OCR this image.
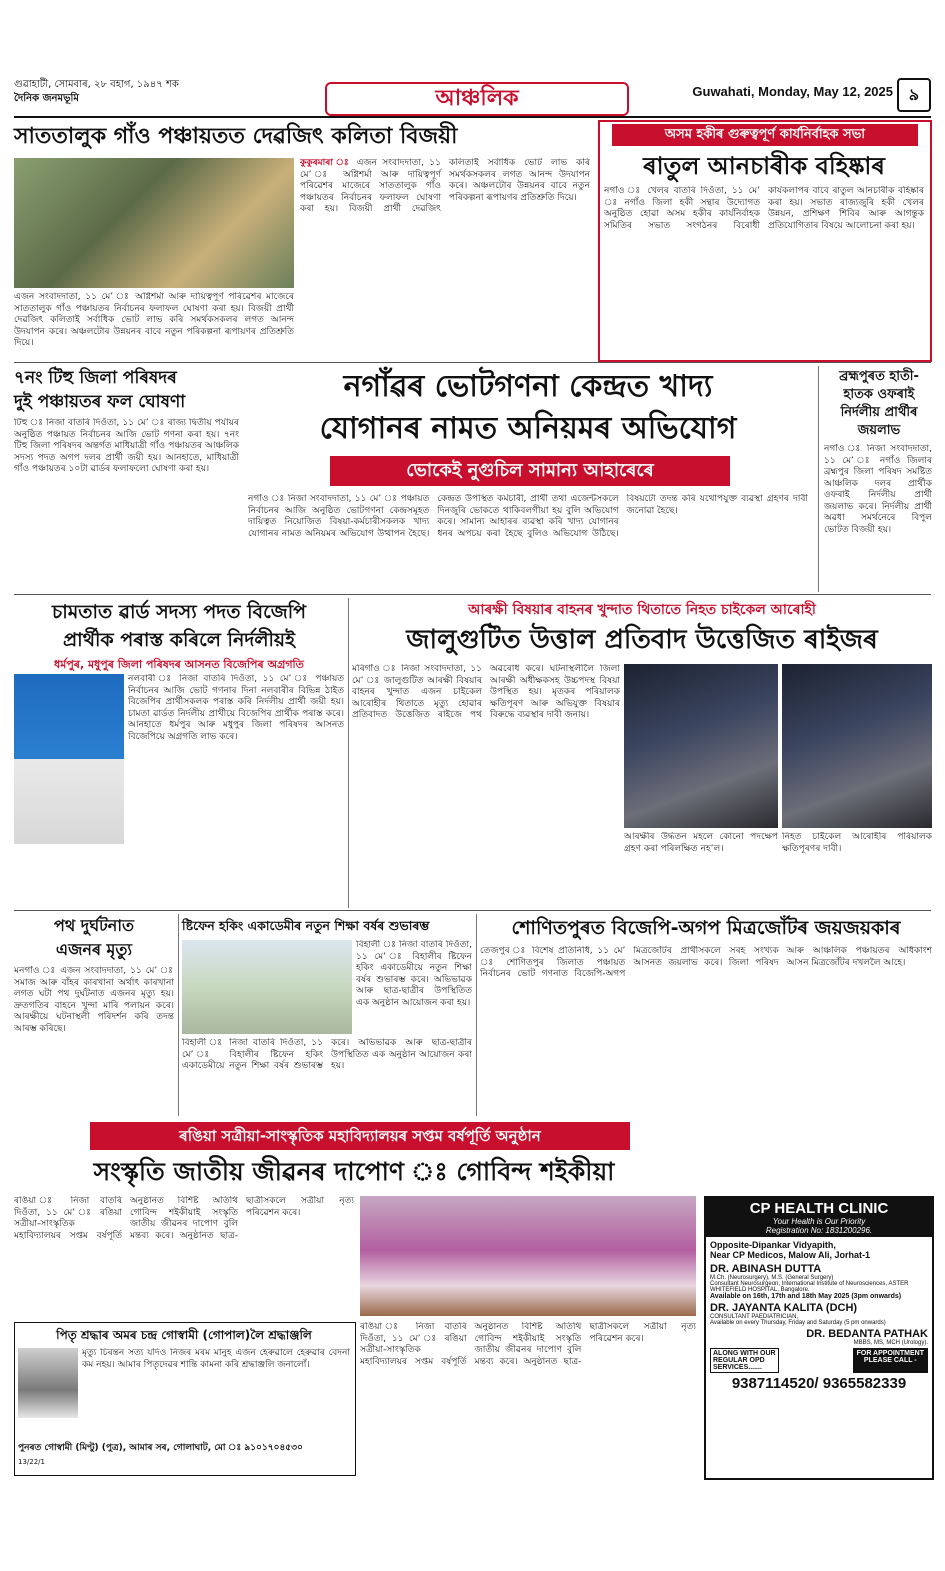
গুৱাহাটী, সোমবাৰ, ২৮ বহাগ, ১৯৪৭ শক
দৈনিক জনমভূমি	আঞ্চলিক	Guwahati, Monday, May 12, 2025 ৯
সাততালুক গাঁও পঞ্চায়তত দেৱজিৎ কলিতা বিজয়ী
কুকুৰমাৰা ঃ এজন সংবাদদাতা, ১১ মে’ ঃ অগ্নিশৰ্মা আৰু দায়িত্বপূৰ্ণ পৰিৱেশৰ মাজেৰে সাততালুক গাঁও পঞ্চায়তৰ নিৰ্বাচনৰ ফলাফল ঘোষণা কৰা হয়। বিজয়ী প্ৰাৰ্থী দেৱজিৎ কলিতাই সৰ্বাধিক ভোট লাভ কৰি সমৰ্থকসকলৰ লগত আনন্দ উদযাপন কৰে। অঞ্চলটোৰ উন্নয়নৰ বাবে নতুন পৰিকল্পনা ৰূপায়ণৰ প্ৰতিশ্ৰুতি দিয়ে।
এজন সংবাদদাতা, ১১ মে’ ঃ অগ্নিশৰ্মা আৰু দায়িত্বপূৰ্ণ পৰিৱেশৰ মাজেৰে সাততালুক গাঁও পঞ্চায়তৰ নিৰ্বাচনৰ ফলাফল ঘোষণা কৰা হয়। বিজয়ী প্ৰাৰ্থী দেৱজিৎ কলিতাই সৰ্বাধিক ভোট লাভ কৰি সমৰ্থকসকলৰ লগত আনন্দ উদযাপন কৰে। অঞ্চলটোৰ উন্নয়নৰ বাবে নতুন পৰিকল্পনা ৰূপায়ণৰ প্ৰতিশ্ৰুতি দিয়ে।
অসম হকীৰ গুৰুত্বপূৰ্ণ কাৰ্যনিৰ্বাহক সভা
ৰাতুল আনচাৰীক বহিষ্কাৰ
নগাঁও ঃ খেলৰ বাতৰি দিওঁতা, ১১ মে’ ঃ নগাঁও জিলা হকী সন্থাৰ উদ্যোগত অনুষ্ঠিত হোৱা অসম হকীৰ কাৰ্যনিৰ্বাহক সমিতিৰ সভাত সংগঠনৰ বিৰোধী কাৰ্যকলাপৰ বাবে ৰাতুল আনচাৰীক বহিষ্কাৰ কৰা হয়। সভাত ৰাজ্যজুৰি হকী খেলৰ উন্নয়ন, প্ৰশিক্ষণ শিবিৰ আৰু আগন্তুক প্ৰতিযোগিতাৰ বিষয়ে আলোচনা কৰা হয়।
৭নং টিহু জিলা পৰিষদৰ
দুই পঞ্চায়তৰ ফল ঘোষণা
টিহু ঃ নিজা বাতৰি দিওঁতা, ১১ মে’ ঃ ৰাজ্য দ্বিতীয় পৰ্যায়ৰ অনুষ্ঠিত পঞ্চায়ত নিৰ্বাচনৰ আজি ভোট গণনা কৰা হয়। ৭নং টিহু জিলা পৰিষদৰ অন্তৰ্গত মাধিয়াত্ৰী গাঁও পঞ্চায়তৰ আঞ্চলিক সদস্য পদত অগপ দলৰ প্ৰাৰ্থী জয়ী হয়। আনহাতে, মাধিয়াত্ৰী গাঁও পঞ্চায়তৰ ১০টা ৱাৰ্ডৰ ফলাফলো ঘোষণা কৰা হয়।
নগাঁৱৰ ভোটগণনা কেন্দ্ৰত খাদ্য
যোগানৰ নামত অনিয়মৰ অভিযোগ
ভোকেই নুগুচিল সামান্য আহাৰেৰে
নগাঁও ঃ নিজা সংবাদদাতা, ১১ মে’ ঃ পঞ্চায়ত নিৰ্বাচনৰ আজি অনুষ্ঠিত ভোটগণনা কেন্দ্ৰসমূহত দায়িত্বত নিয়োজিত বিষয়া-কৰ্মচাৰীসকলক খাদ্য যোগানৰ নামত অনিয়মৰ অভিযোগ উত্থাপন হৈছে। কেন্দ্ৰত উপস্থিত কৰ্মচাৰী, প্ৰাৰ্থী তথা এজেন্টসকলে দিনজুৰি ভোকতে থাকিবলগীয়া হয় বুলি অভিযোগ কৰে। সামান্য আহাৰৰ ব্যৱস্থা কৰি খাদ্য যোগানৰ ধনৰ অপচয় কৰা হৈছে বুলিও অভিযোগ উঠিছে। বিষয়টো তদন্ত কৰি যথোপযুক্ত ব্যৱস্থা গ্ৰহণৰ দাবী জনোৱা হৈছে।
ব্ৰহ্মপুৰত হাতী-
হাতক ওফৰাই
নিৰ্দলীয় প্ৰাৰ্থীৰ
জয়লাভ
নগাঁও ঃ নিজা সংবাদদাতা, ১১ মে’ ঃ নগাঁও জিলাৰ ব্ৰহ্মপুৰ জিলা পৰিষদ সমষ্টিত আঞ্চলিক দলৰ প্ৰাৰ্থীক ওফৰাই নিৰ্দলীয় প্ৰাৰ্থী জয়লাভ কৰে। নিৰ্দলীয় প্ৰাৰ্থী অৱধা সমৰ্থনেৰে বিপুল ভোটত বিজয়ী হয়।
চামতাত ৱাৰ্ড সদস্য পদত বিজেপি
প্ৰাৰ্থীক পৰাস্ত কৰিলে নিৰ্দলীয়ই
ধৰ্মপুৰ, মধুপুৰ জিলা পৰিষদৰ আসনত বিজেপিৰ অগ্ৰগতি
নলবাৰী ঃ নিজা বাতৰি দিওঁতা, ১১ মে’ ঃ পঞ্চায়ত নিৰ্বাচনৰ আজি ভোট গণনাৰ দিনা নলবাৰীৰ বিভিন্ন ঠাইত বিজেপিৰ প্ৰাৰ্থীসকলক পৰাস্ত কৰি নিৰ্দলীয় প্ৰাৰ্থী জয়ী হয়। চামতা ৱাৰ্ডত নিৰ্দলীয় প্ৰাৰ্থীয়ে বিজেপিৰ প্ৰাৰ্থীক পৰাস্ত কৰে। আনহাতে ধৰ্মপুৰ আৰু মধুপুৰ জিলা পৰিষদৰ আসনত বিজেপিয়ে অগ্ৰগতি লাভ কৰে।
আৰক্ষী বিষয়াৰ বাহনৰ খুন্দাত থিতাতে নিহত চাইকেল আৰোহী
জালুগুটিত উত্তাল প্ৰতিবাদ উত্তেজিত ৰাইজৰ
মৰিগাঁও ঃ নিজা সংবাদদাতা, ১১ মে’ ঃ জালুগুটিত আৰক্ষী বিষয়াৰ বাহনৰ খুন্দাত এজন চাইকেল আৰোহীৰ থিতাতে মৃত্যু হোৱাৰ প্ৰতিবাদত উত্তেজিত ৰাইজে পথ অৱৰোধ কৰে। ঘটনাস্থলীলৈ জিলা আৰক্ষী অধীক্ষকসহ উচ্চপদস্থ বিষয়া উপস্থিত হয়। মৃতকৰ পৰিয়ালক ক্ষতিপূৰণ আৰু অভিযুক্ত বিষয়াৰ বিৰুদ্ধে ব্যৱস্থাৰ দাবী জনায়।
আৰক্ষীৰ উৰ্দ্ধতন মহলে কোনো পদক্ষেপ গ্ৰহণ কৰা পৰিলক্ষিত নহ’ল।
নিহত চাইকেল আৰোহীৰ পৰিয়ালক ক্ষতিপূৰণৰ দাবী।
পথ দুৰ্ঘটনাত
এজনৰ মৃত্যু
মনগাঁও ঃ এজন সংবাদদাতা, ১১ মে’ ঃ সমাজ আৰু বাঁহৰ কাৰখানা অৰ্থাৎ কাৰখানা লগত ঘটা পথ দুৰ্ঘটনাত এজনৰ মৃত্যু হয়। দ্ৰুতগতিৰ বাহনে খুন্দা মাৰি পলায়ন কৰে। আৰক্ষীয়ে ঘটনাস্থলী পৰিদৰ্শন কৰি তদন্ত আৰম্ভ কৰিছে।
ষ্টিফেন হকিং একাডেমীৰ নতুন শিক্ষা বৰ্ষৰ শুভাৰম্ভ
বিহালী ঃ নিজা বাতৰি দিওঁতা, ১১ মে’ ঃ বিহালীৰ ষ্টিফেন হকিং একাডেমীয়ে নতুন শিক্ষা বৰ্ষৰ শুভাৰম্ভ কৰে। অভিভাৱক আৰু ছাত্ৰ-ছাত্ৰীৰ উপস্থিতিত এক অনুষ্ঠান আয়োজন কৰা হয়।
বিহালী ঃ নিজা বাতৰি দিওঁতা, ১১ মে’ ঃ বিহালীৰ ষ্টিফেন হকিং একাডেমীয়ে নতুন শিক্ষা বৰ্ষৰ শুভাৰম্ভ কৰে। অভিভাৱক আৰু ছাত্ৰ-ছাত্ৰীৰ উপস্থিতিত এক অনুষ্ঠান আয়োজন কৰা হয়।
শোণিতপুৰত বিজেপি-অগপ মিত্ৰজোঁটৰ জয়জয়কাৰ
তেজপুৰ ঃ বিশেষ প্ৰতিনিধি, ১১ মে’ ঃ শোণিতপুৰ জিলাত পঞ্চায়ত নিৰ্বাচনৰ ভোট গণনাত বিজেপি-অগপ মিত্ৰজোঁটৰ প্ৰাৰ্থীসকলে সৰহ সংখ্যক আসনত জয়লাভ কৰে। জিলা পৰিষদ আৰু আঞ্চলিক পঞ্চায়তৰ অধিকাংশ আসন মিত্ৰজোঁটৰ দখললৈ আহে।
ৰঙিয়া সত্ৰীয়া-সাংস্কৃতিক মহাবিদ্যালয়ৰ সপ্তম বৰ্ষপূৰ্তি অনুষ্ঠান
সংস্কৃতি জাতীয় জীৱনৰ দাপোণ ঃ গোবিন্দ শইকীয়া
ৰঙিয়া ঃ নিজা বাতৰি দিওঁতা, ১১ মে’ ঃ ৰঙিয়া সত্ৰীয়া-সাংস্কৃতিক মহাবিদ্যালয়ৰ সপ্তম বৰ্ষপূৰ্তি অনুষ্ঠানত বিশিষ্ট অতিথি গোবিন্দ শইকীয়াই সংস্কৃতি জাতীয় জীৱনৰ দাপোণ বুলি মন্তব্য কৰে। অনুষ্ঠানত ছাত্ৰ-ছাত্ৰীসকলে সত্ৰীয়া নৃত্য পৰিৱেশন কৰে।
ৰঙিয়া ঃ নিজা বাতৰি দিওঁতা, ১১ মে’ ঃ ৰঙিয়া সত্ৰীয়া-সাংস্কৃতিক মহাবিদ্যালয়ৰ সপ্তম বৰ্ষপূৰ্তি অনুষ্ঠানত বিশিষ্ট অতিথি গোবিন্দ শইকীয়াই সংস্কৃতি জাতীয় জীৱনৰ দাপোণ বুলি মন্তব্য কৰে। অনুষ্ঠানত ছাত্ৰ-ছাত্ৰীসকলে সত্ৰীয়া নৃত্য পৰিৱেশন কৰে।
পিতৃ শ্ৰদ্ধাৰ অমৰ চন্দ্ৰ গোস্বামী (গোপাল)লৈ শ্ৰদ্ধাঞ্জলি
মৃত্যু চিৰন্তন সত্য যদিও নিজৰ মৰম মানুহ এজন হেৰুৱালে হেৰুৱাৰ বেদনা কম নহয়। আমাৰ পিতৃদেৱৰ শান্তি কামনা কৰি শ্ৰদ্ধাঞ্জলি জনালোঁ।
পুনৰত গোস্বামী (মিণ্টু) (পুত্ৰ), আমাৰ সৰ, গোলাঘাট, মো ঃ ৯১০১৭০৪৫৩০
13/22/1
CP HEALTH CLINIC
Your Health is Our Priority
Registration No: 1831200296.
Opposite-Dipankar Vidyapith,
Near CP Medicos, Malow Ali, Jorhat-1
DR. ABINASH DUTTA
M.Ch. (Neurosurgery), M.S. (General Surgery)
Consultant Neurosurgeon, International Institute of Neurosciences, ASTER WHITEFIELD HOSPITAL, Bangalore.
Available on 16th, 17th and 18th May 2025 (3pm onwards)
DR. JAYANTA KALITA (DCH)
CONSULTANT PAEDIATRICIAN,
Available on every Thursday, Friday and Saturday (5 pm onwards)
DR. BEDANTA PATHAK
MBBS, MS, MCH (Urology).
ALONG WITH OUR
REGULAR OPD
SERVICES.......
FOR APPOINTMENT
PLEASE CALL -
9387114520/ 9365582339
